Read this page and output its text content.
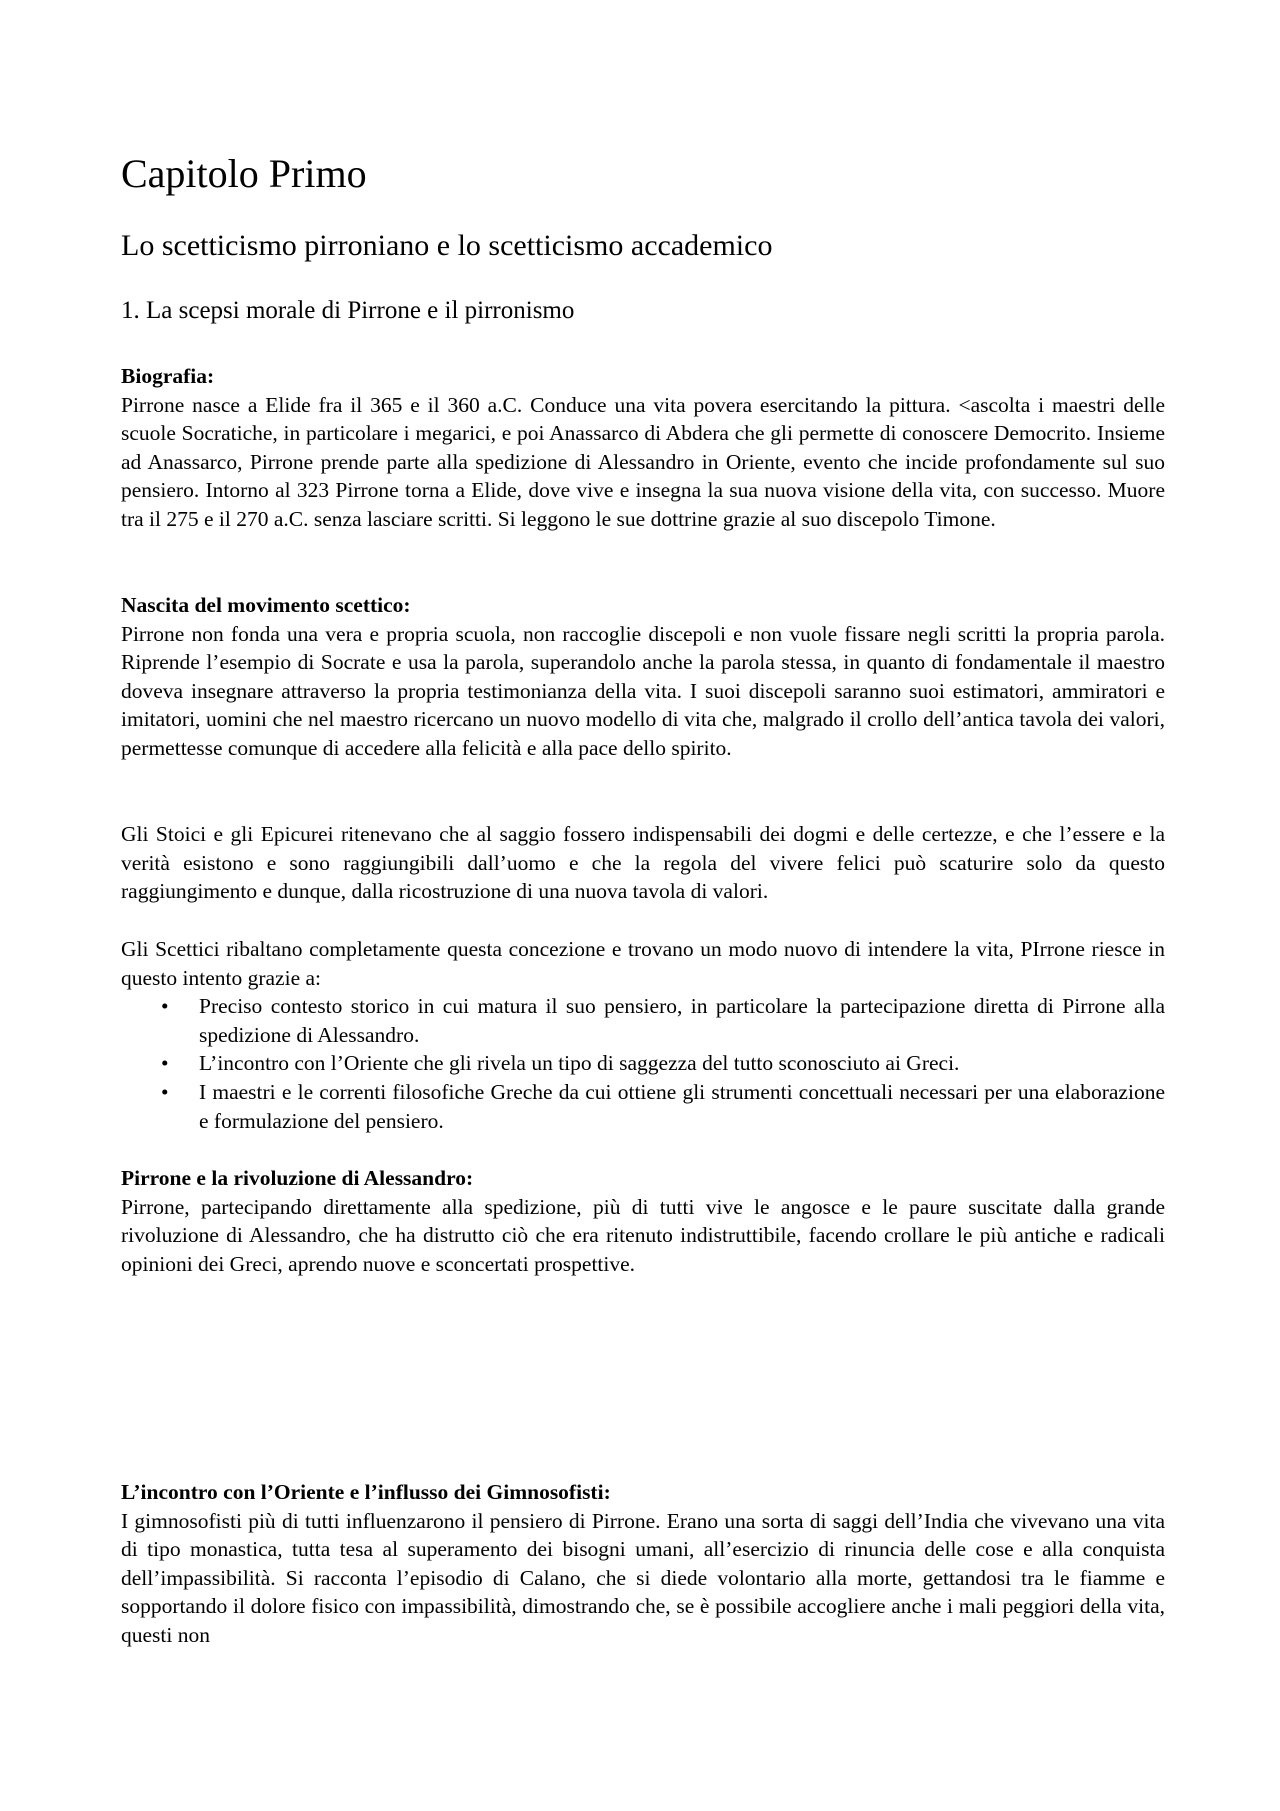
Capitolo Primo
Lo scetticismo pirroniano e lo scetticismo accademico
1. La scepsi morale di Pirrone e il pirronismo

Biografia:

Pirrone nasce a Elide fra il 365 e il 360 a.C. Conduce una vita povera esercitando la pittura. <ascolta i maestri delle scuole Socratiche, in particolare i megarici, e poi Anassarco di Abdera che gli permette di conoscere Democrito. Insieme ad Anassarco, Pirrone prende parte alla spedizione di Alessandro in Oriente, evento che incide profondamente sul suo pensiero. Intorno al 323 Pirrone torna a Elide, dove vive e insegna la sua nuova visione della vita, con successo. Muore tra il 275 e il 270 a.C. senza lasciare scritti. Si leggono le sue dottrine grazie al suo discepolo Timone.

Nascita del movimento scettico:

Pirrone non fonda una vera e propria scuola, non raccoglie discepoli e non vuole fissare negli scritti la propria parola. Riprende l’esempio di Socrate e usa la parola, superandolo anche la parola stessa, in quanto di fondamentale il maestro doveva insegnare attraverso la propria testimonianza della vita. I suoi discepoli saranno suoi estimatori, ammiratori e imitatori, uomini che nel maestro ricercano un nuovo modello di vita che, malgrado il crollo dell’antica tavola dei valori, permettesse comunque di accedere alla felicità e alla pace dello spirito.

Gli Stoici e gli Epicurei ritenevano che al saggio fossero indispensabili dei dogmi e delle certezze, e che l’essere e la verità esistono e sono raggiungibili dall’uomo e che la regola del vivere felici può scaturire solo da questo raggiungimento e dunque, dalla ricostruzione di una nuova tavola di valori.

Gli Scettici ribaltano completamente questa concezione e trovano un modo nuovo di intendere la vita, PIrrone riesce in questo intento grazie a:

• Preciso contesto storico in cui matura il suo pensiero, in particolare la partecipazione diretta di Pirrone alla spedizione di Alessandro.
• L’incontro con l’Oriente che gli rivela un tipo di saggezza del tutto sconosciuto ai Greci.
• I maestri e le correnti filosofiche Greche da cui ottiene gli strumenti concettuali necessari per una elaborazione e formulazione del pensiero.

Pirrone e la rivoluzione di Alessandro:

Pirrone, partecipando direttamente alla spedizione, più di tutti vive le angosce e le paure suscitate dalla grande rivoluzione di Alessandro, che ha distrutto ciò che era ritenuto indistruttibile, facendo crollare le più antiche e radicali opinioni dei Greci, aprendo nuove e sconcertati prospettive.

L’incontro con l’Oriente e l’influsso dei Gimnosofisti:

I gimnosofisti più di tutti influenzarono il pensiero di Pirrone. Erano una sorta di saggi dell’India che vivevano una vita di tipo monastica, tutta tesa al superamento dei bisogni umani, all’esercizio di rinuncia delle cose e alla conquista dell’impassibilità. Si racconta l’episodio di Calano, che si diede volontario alla morte, gettandosi tra le fiamme e sopportando il dolore fisico con impassibilità, dimostrando che, se è possibile accogliere anche i mali peggiori della vita, questi non
